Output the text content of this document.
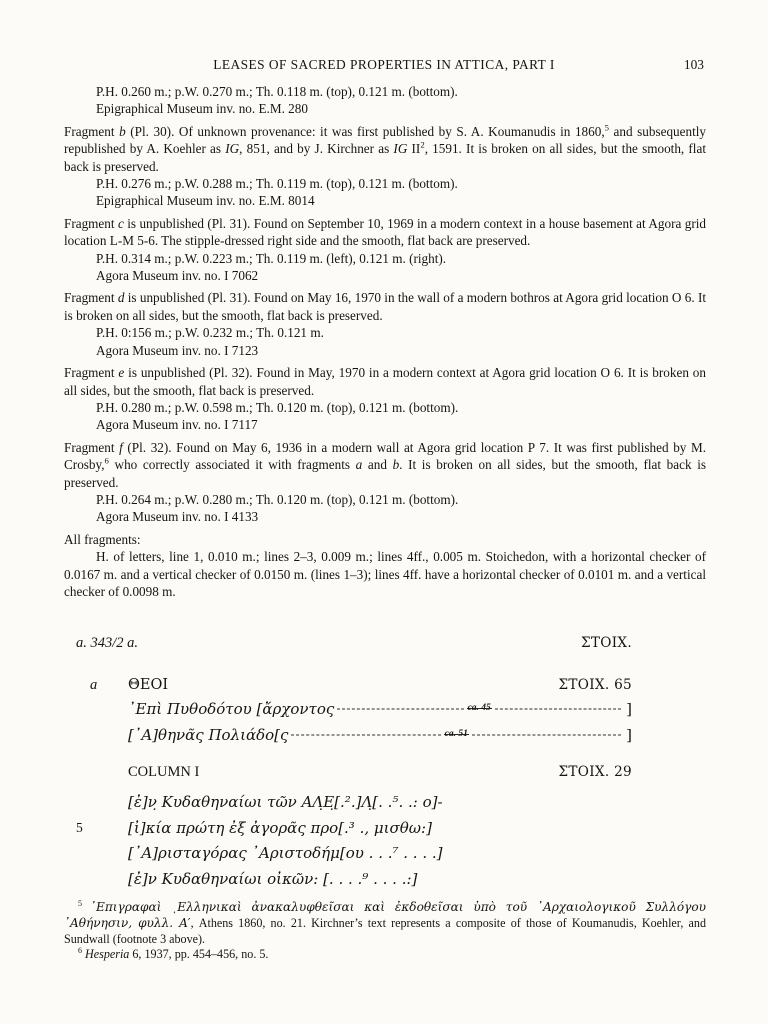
LEASES OF SACRED PROPERTIES IN ATTICA, PART I	103
P.H. 0.260 m.; p.W. 0.270 m.; Th. 0.118 m. (top), 0.121 m. (bottom).
Epigraphical Museum inv. no. E.M. 280

Fragment b (Pl. 30). Of unknown provenance: it was first published by S. A. Koumanudis in 1860,$^5$ and subsequently republished by A. Koehler as IG, 851, and by J. Kirchner as IG $II^2$, 1591. It is broken on all sides, but the smooth, flat back is preserved.

P.H. 0.276 m.; p.W. 0.288 m.; Th. 0.119 m. (top), 0.121 m. (bottom).
Epigraphical Museum inv. no. E.M. 8014

Fragment c is unpublished (Pl. 31). Found on September 10, 1969 in a modern context in a house basement at Agora grid location L-M 5-6. The stipple-dressed right side and the smooth, flat back are preserved.

P.H. 0.314 m.; p.W. 0.223 m.; Th. 0.119 m. (left), 0.121 m. (right).
Agora Museum inv. no. I 7062

Fragment d is unpublished (Pl. 31). Found on May 16, 1970 in the wall of a modern bothros at Agora grid location O 6. It is broken on all sides, but the smooth, flat back is preserved.

P.H. 0:156 m.; p.W. 0.232 m.; Th. 0.121 m.
Agora Museum inv. no. I 7123

Fragment e is unpublished (Pl. 32). Found in May, 1970 in a modern context at Agora grid location O 6. It is broken on all sides, but the smooth, flat back is preserved.

P.H. 0.280 m.; p.W. 0.598 m.; Th. 0.120 m. (top), 0.121 m. (bottom).
Agora Museum inv. no. I 7117

Fragment f (Pl. 32). Found on May 6, 1936 in a modern wall at Agora grid location P 7. It was first published by M. Crosby,$^6$ who correctly associated it with fragments a and b. It is broken on all sides, but the smooth, flat back is preserved.

P.H. 0.264 m.; p.W. 0.280 m.; Th. 0.120 m. (top), 0.121 m. (bottom).
Agora Museum inv. no. I 4133
All fragments:

H. of letters, line 1, 0.010 m.; lines 2–3, 0.009 m.; lines 4ff., 0.005 m. Stoichedon, with a horizontal checker of 0.0167 m. and a vertical checker of 0.0150 m. (lines 1–3); lines 4ff. have a horizontal checker of 0.0101 m. and a vertical checker of 0.0098 m.

a. 343/2 a.	ΣΤΟΙΧ.
a ΘΕΟΙ	ΣΤΟΙΧ. 65
᾿Επὶ Πυθοδότου [ἄρχοντος	ca. 45	]
[᾿Α]θηνᾶς Πολιάδο[ς	ca. 51	]
COLUMN I	ΣΤΟΙΧ. 29
[ἐ]ν̣ Κυδαθηναίωι τῶν ΑΛ̣Ε̣[.².]Λ̣[. .⁵. .: ο]-
5	[ἰ]κία πρώτη ἐξ ἀγορᾶς προ[.³ ., μισθω:]
[᾿Α]ρισταγόρας ᾿Αριστοδήμ[ου . . .⁷ . . . .]
[ἐ]ν Κυδαθηναίωι οἰκῶν: [. . . .⁹ . . . .:]

$^5$ ᾿Επιγραφαὶ ιΕλληνικαὶ ἀνακαλυφθεῖσαι καὶ ἐκδοθεῖσαι ὑπὸ τοῦ ᾿Αρχαιολογικοῦ Συλλόγου ᾿Αθήνησιν, φυλλ. Α′, Athens 1860, no. 21. Kirchner’s text represents a composite of those of Koumanudis, Koehler, and Sundwall (footnote 3 above).

$^6$ Hesperia 6, 1937, pp. 454–456, no. 5.
